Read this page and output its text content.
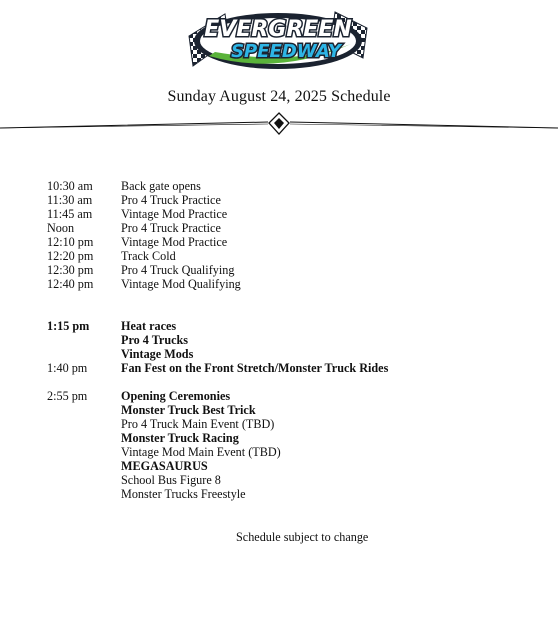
EVERGREEN
SPEEDWAY
Sunday August 24, 2025 Schedule
10:30 am Back gate opens
11:30 am Pro 4 Truck Practice
11:45 am Vintage Mod Practice
Noon	Pro 4 Truck Practice
12:10 pm Vintage Mod Practice
12:20 pm Track Cold
12:30 pm Pro 4 Truck Qualifying
12:40 pm Vintage Mod Qualifying
1:15 pm	Heat races
Pro 4 Trucks
Vintage Mods
1:40 pm	Fan Fest on the Front Stretch/Monster Truck Rides
2:55 pm	Opening Ceremonies
Monster Truck Best Trick
Pro 4 Truck Main Event (TBD)
Monster Truck Racing
Vintage Mod Main Event (TBD)
MEGASAURUS
School Bus Figure 8
Monster Trucks Freestyle
Schedule subject to change
